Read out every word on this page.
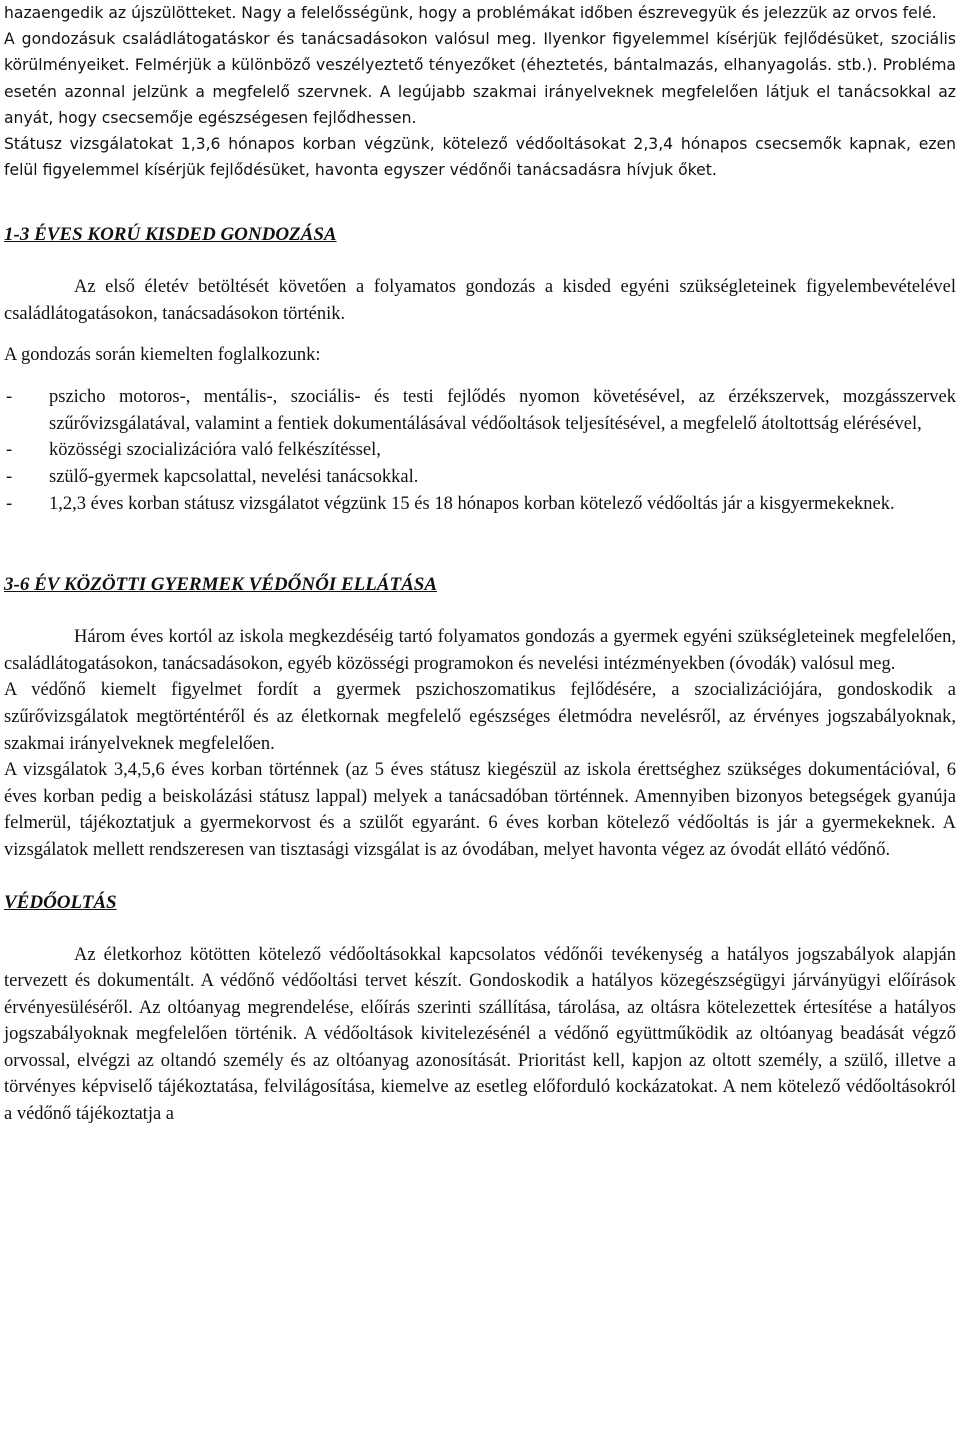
hazaengedik az újszülötteket. Nagy a felelősségünk, hogy a problémákat időben észrevegyük és jelezzük az orvos felé.

A gondozásuk családlátogatáskor és tanácsadásokon valósul meg. Ilyenkor figyelemmel kísérjük fejlődésüket, szociális körülményeiket. Felmérjük a különböző veszélyeztető tényezőket (éheztetés, bántalmazás, elhanyagolás. stb.). Probléma esetén azonnal jelzünk a megfelelő szervnek. A legújabb szakmai irányelveknek megfelelően látjuk el tanácsokkal az anyát, hogy csecsemője egészségesen fejlődhessen.

Státusz vizsgálatokat 1,3,6 hónapos korban végzünk, kötelező védőoltásokat 2,3,4 hónapos csecsemők kapnak, ezen felül figyelemmel kísérjük fejlődésüket, havonta egyszer védőnői tanácsadásra hívjuk őket.

1-3 ÉVES KORÚ KISDED GONDOZÁSA

Az első életév betöltését követően a folyamatos gondozás a kisded egyéni szükségleteinek figyelembevételével családlátogatásokon, tanácsadásokon történik.

A gondozás során kiemelten foglalkozunk:

- pszicho motoros-, mentális-, szociális- és testi fejlődés nyomon követésével, az érzékszervek, mozgásszervek szűrővizsgálatával, valamint a fentiek dokumentálásával védőoltások teljesítésével, a megfelelő átoltottság elérésével,
- közösségi szocializációra való felkészítéssel,
- szülő-gyermek kapcsolattal, nevelési tanácsokkal.
- 1,2,3 éves korban státusz vizsgálatot végzünk 15 és 18 hónapos korban kötelező védőoltás jár a kisgyermekeknek.
3-6 ÉV KÖZÖTTI GYERMEK VÉDŐNŐI ELLÁTÁSA

Három éves kortól az iskola megkezdéséig tartó folyamatos gondozás a gyermek egyéni szükségleteinek megfelelően, családlátogatásokon, tanácsadásokon, egyéb közösségi programokon és nevelési intézményekben (óvodák) valósul meg.

A védőnő kiemelt figyelmet fordít a gyermek pszichoszomatikus fejlődésére, a szocializációjára, gondoskodik a szűrővizsgálatok megtörténtéről és az életkornak megfelelő egészséges életmódra nevelésről, az érvényes jogszabályoknak, szakmai irányelveknek megfelelően.

A vizsgálatok 3,4,5,6 éves korban történnek (az 5 éves státusz kiegészül az iskola érettséghez szükséges dokumentációval, 6 éves korban pedig a beiskolázási státusz lappal) melyek a tanácsadóban történnek. Amennyiben bizonyos betegségek gyanúja felmerül, tájékoztatjuk a gyermekorvost és a szülőt egyaránt. 6 éves korban kötelező védőoltás is jár a gyermekeknek. A vizsgálatok mellett rendszeresen van tisztasági vizsgálat is az óvodában, melyet havonta végez az óvodát ellátó védőnő.

VÉDŐOLTÁS

Az életkorhoz kötötten kötelező védőoltásokkal kapcsolatos védőnői tevékenység a hatályos jogszabályok alapján tervezett és dokumentált. A védőnő védőoltási tervet készít. Gondoskodik a hatályos közegészségügyi járványügyi előírások érvényesüléséről. Az oltóanyag megrendelése, előírás szerinti szállítása, tárolása, az oltásra kötelezettek értesítése a hatályos jogszabályoknak megfelelően történik. A védőoltások kivitelezésénél a védőnő együttműködik az oltóanyag beadását végző orvossal, elvégzi az oltandó személy és az oltóanyag azonosítását. Prioritást kell, kapjon az oltott személy, a szülő, illetve a törvényes képviselő tájékoztatása, felvilágosítása, kiemelve az esetleg előforduló kockázatokat. A nem kötelező védőoltásokról a védőnő tájékoztatja a
